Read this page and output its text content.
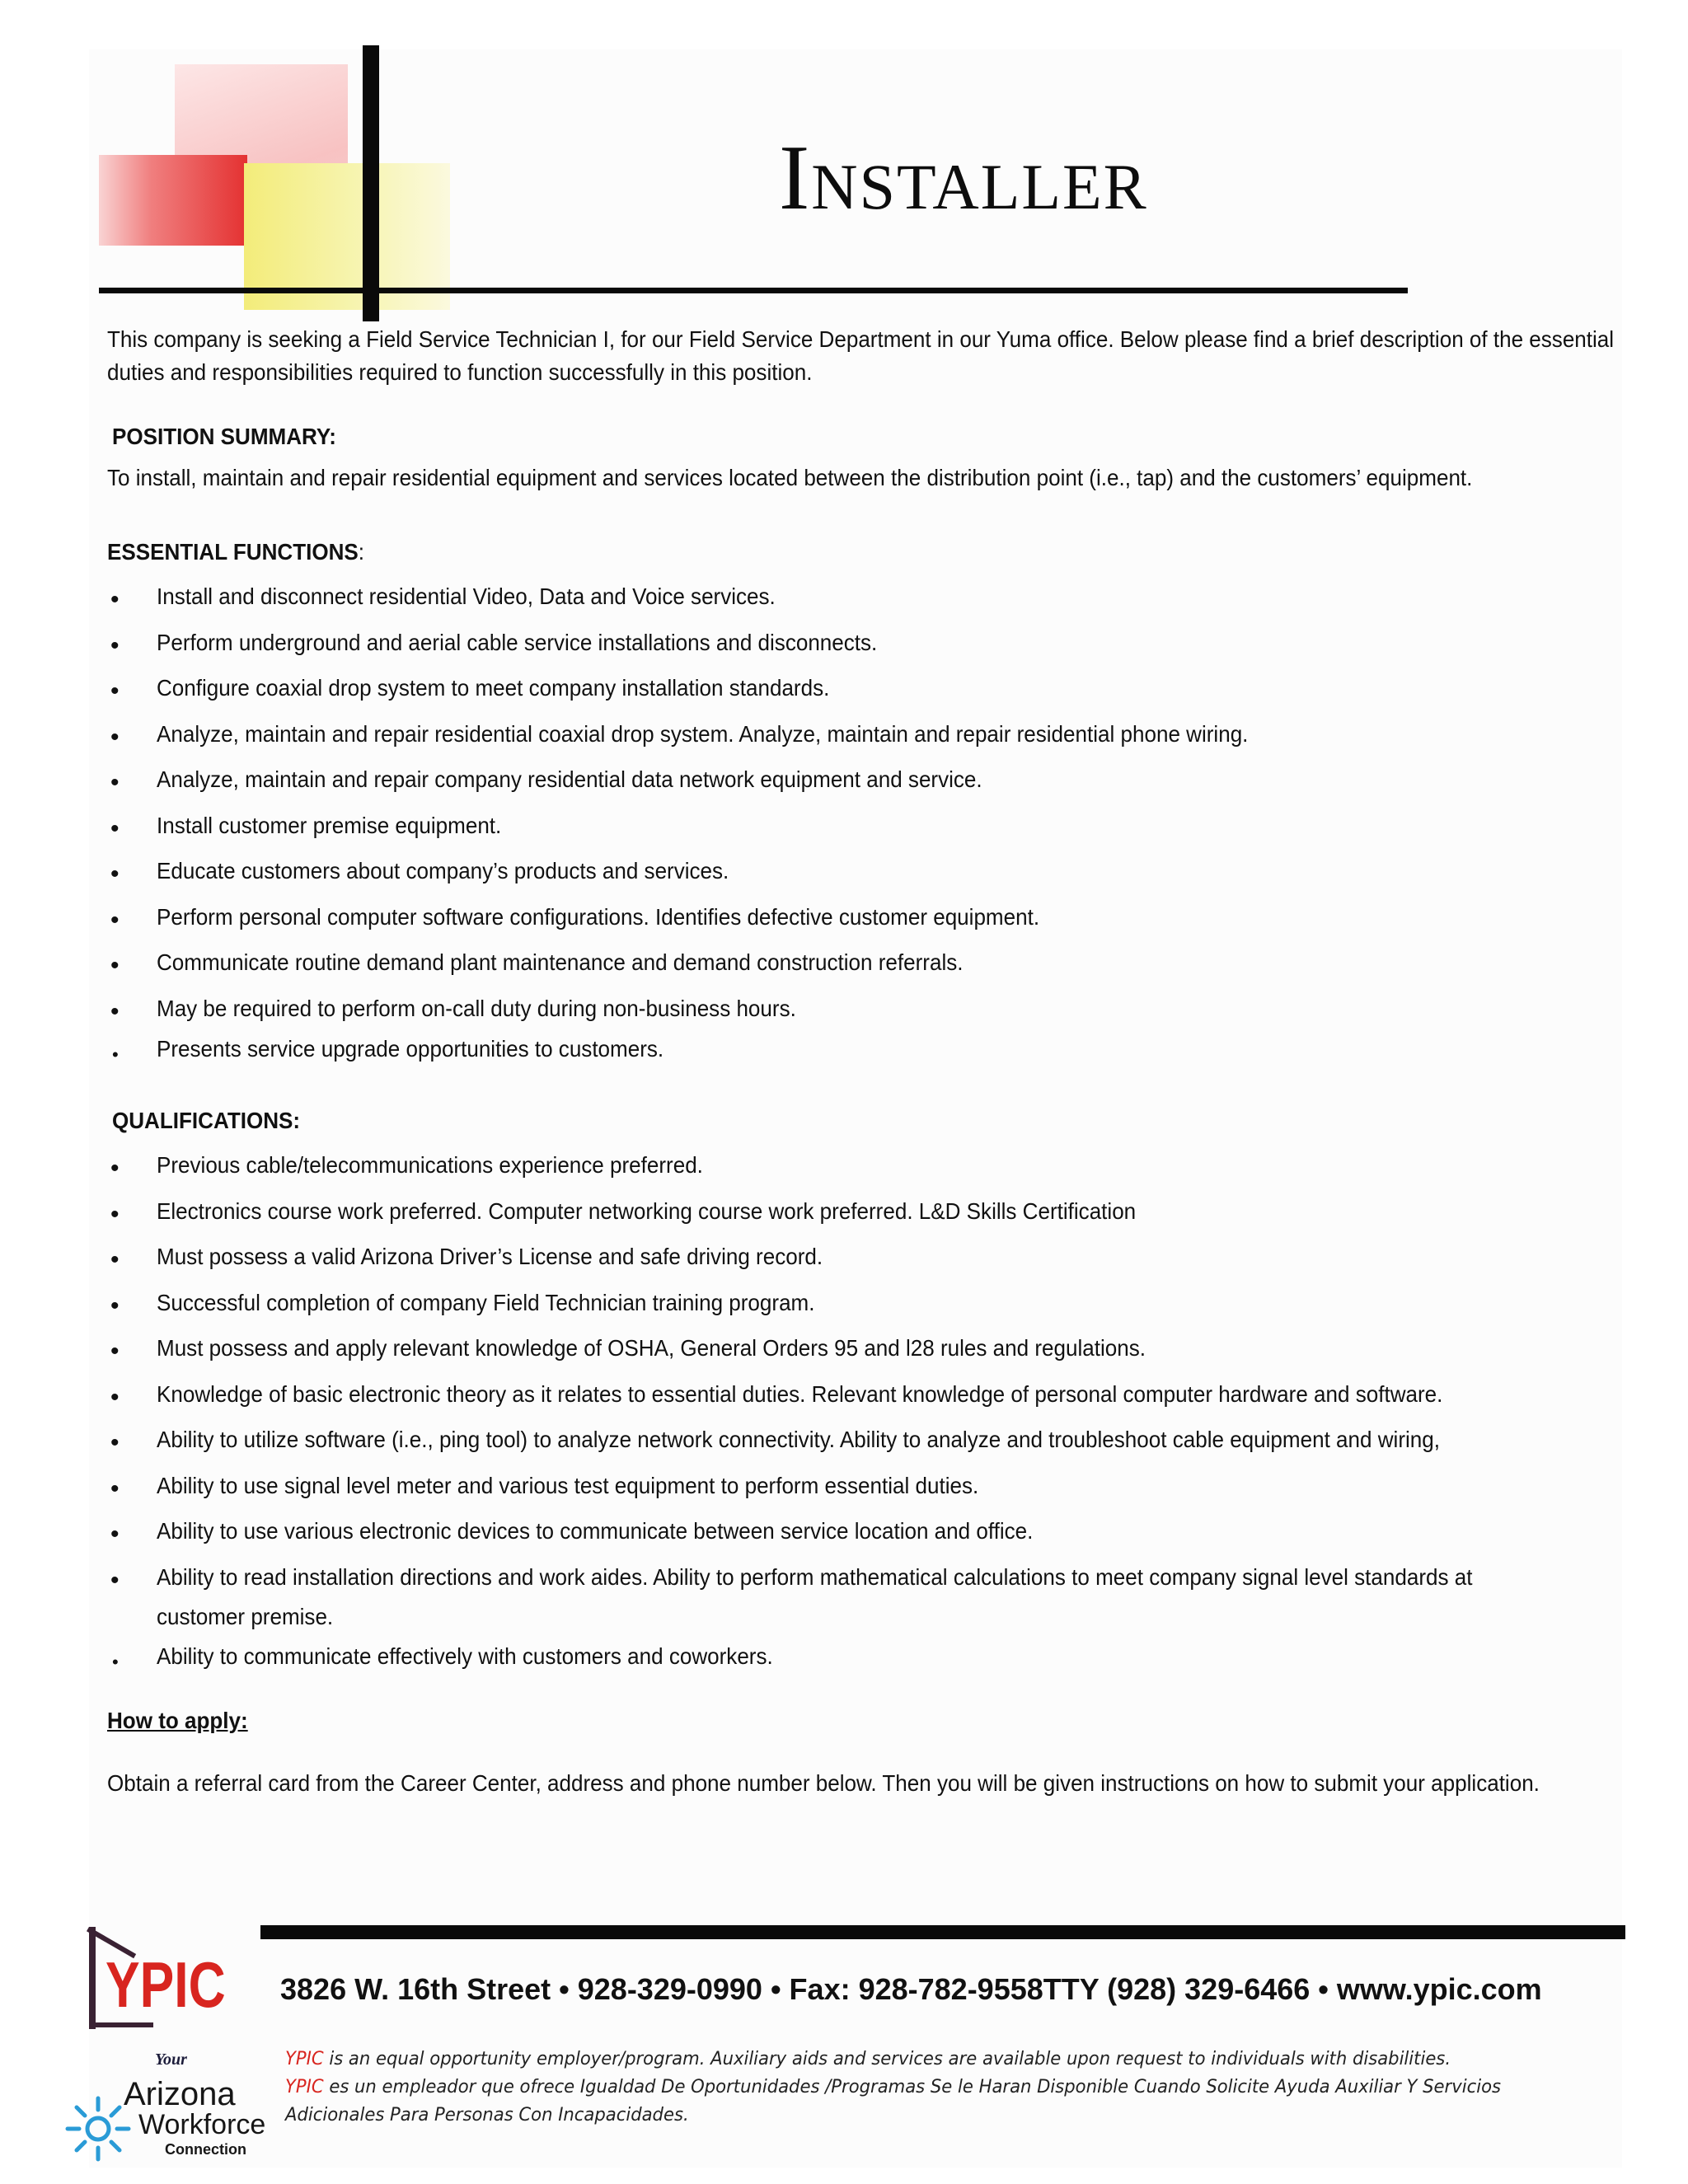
Installer
This company is seeking a Field Service Technician I, for our Field Service Department in our Yuma office. Below please find a brief description of the essential duties and responsibilities required to function successfully in this position.
POSITION SUMMARY:
To install, maintain and repair residential equipment and services located between the distribution point (i.e., tap) and the customers’ equipment.
ESSENTIAL FUNCTIONS:
• Install and disconnect residential Video, Data and Voice services.
• Perform underground and aerial cable service installations and disconnects.
• Configure coaxial drop system to meet company installation standards.
• Analyze, maintain and repair residential coaxial drop system. Analyze, maintain and repair residential phone wiring.
• Analyze, maintain and repair company residential data network equipment and service.
• Install customer premise equipment.
• Educate customers about company’s products and services.
• Perform personal computer software configurations. Identifies defective customer equipment.
• Communicate routine demand plant maintenance and demand construction referrals.
• May be required to perform on-call duty during non-business hours.
• Presents service upgrade opportunities to customers.
QUALIFICATIONS:
• Previous cable/telecommunications experience preferred.
• Electronics course work preferred. Computer networking course work preferred. L&D Skills Certification
• Must possess a valid Arizona Driver’s License and safe driving record.
• Successful completion of company Field Technician training program.
• Must possess and apply relevant knowledge of OSHA, General Orders 95 and l28 rules and regulations.
• Knowledge of basic electronic theory as it relates to essential duties. Relevant knowledge of personal computer hardware and software.
• Ability to utilize software (i.e., ping tool) to analyze network connectivity. Ability to analyze and troubleshoot cable equipment and wiring,
• Ability to use signal level meter and various test equipment to perform essential duties.
• Ability to use various electronic devices to communicate between service location and office.
• Ability to read installation directions and work aides. Ability to perform mathematical calculations to meet company signal level standards at
customer premise.
• Ability to communicate effectively with customers and coworkers.
How to apply:
Obtain a referral card from the Career Center, address and phone number below. Then you will be given instructions on how to submit your application.
3826 W. 16th Street • 928-329-0990 • Fax: 928-782-9558TTY (928) 329-6466 • www.ypic.com
YPIC is an equal opportunity employer/program. Auxiliary aids and services are available upon request to individuals with disabilities.
YPIC es un empleador que ofrece Igualdad De Oportunidades /Programas Se le Haran Disponible Cuando Solicite Ayuda Auxiliar Y Servicios
Adicionales Para Personas Con Incapacidades.
YPIC
Your
Arizona
Workforce
Connection
